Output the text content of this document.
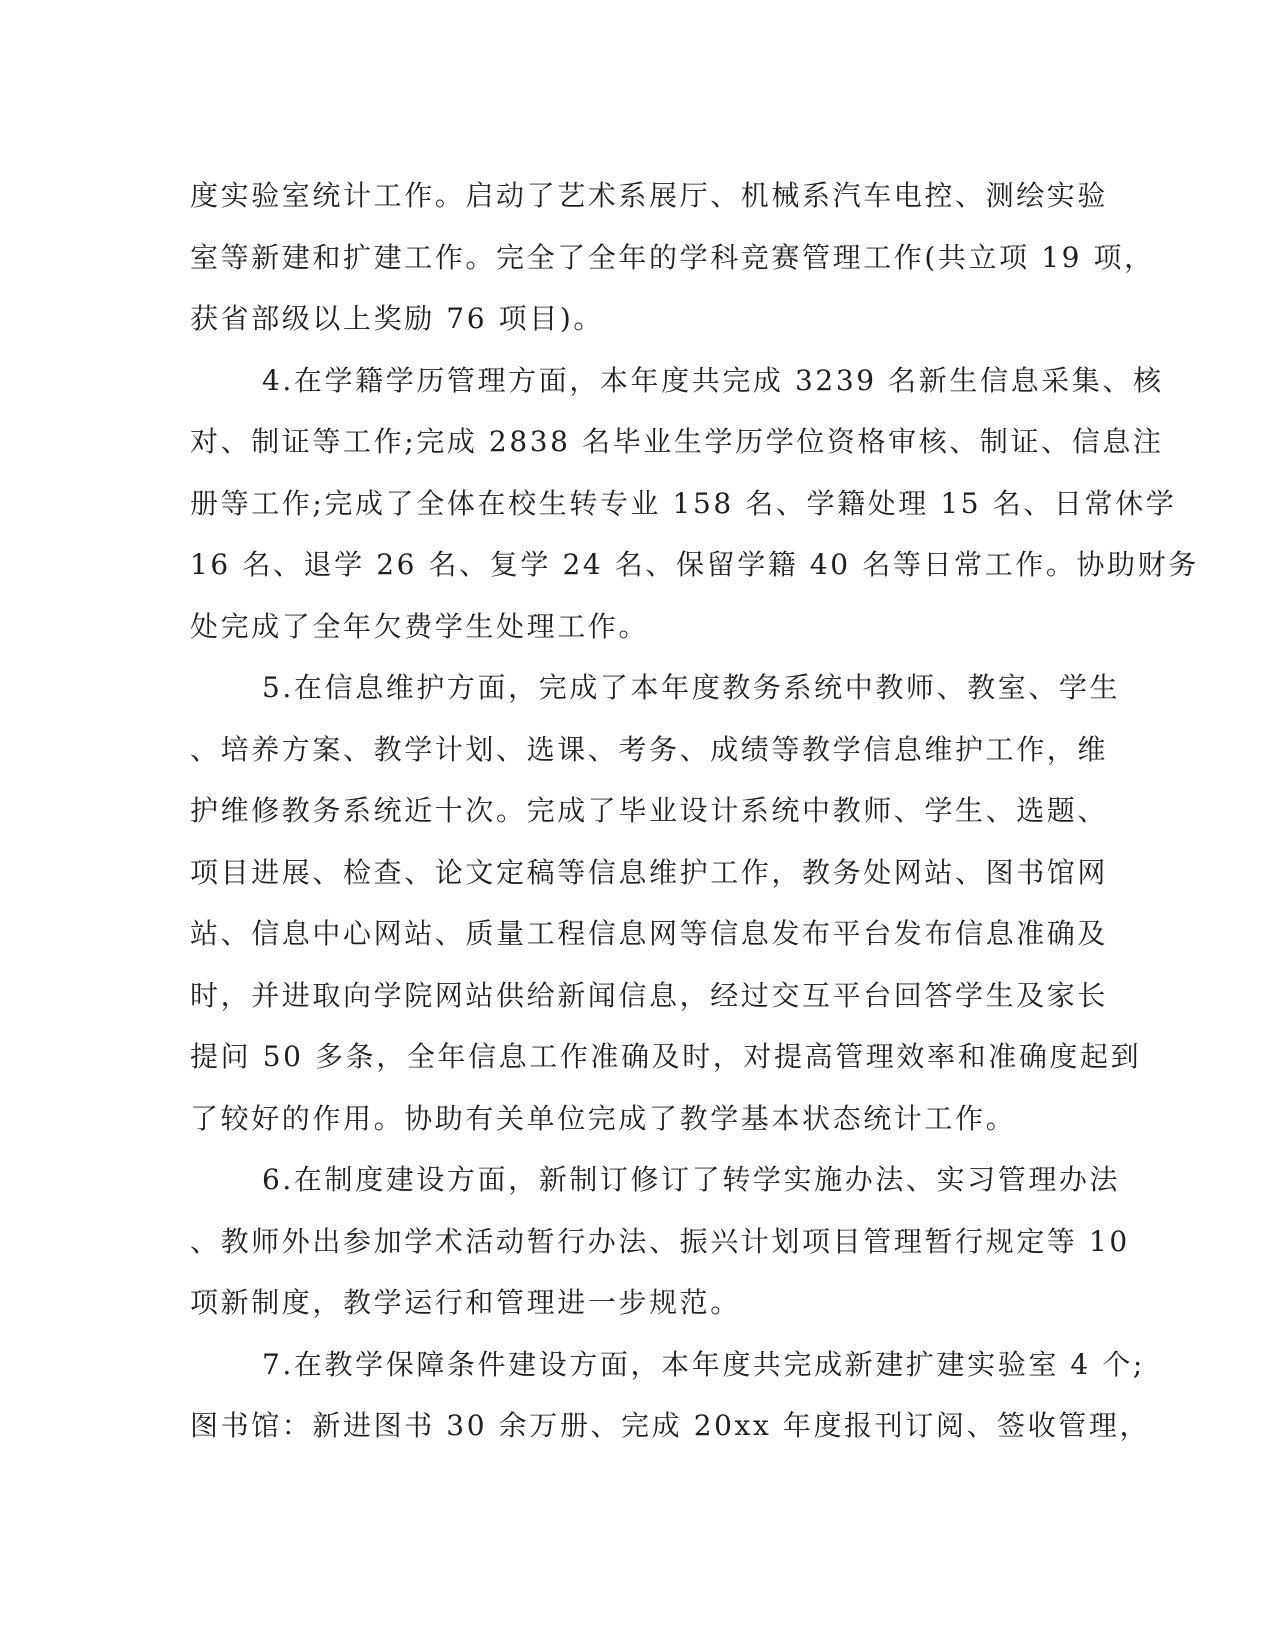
度实验室统计工作。启动了艺术系展厅、机械系汽车电控、测绘实验
室等新建和扩建工作。完全了全年的学科竞赛管理工作(共立项 19 项，
获省部级以上奖励 76 项目)。
4.在学籍学历管理方面，本年度共完成 3239 名新生信息采集、核
对、制证等工作;完成 2838 名毕业生学历学位资格审核、制证、信息注
册等工作;完成了全体在校生转专业 158 名、学籍处理 15 名、日常休学
16 名、退学 26 名、复学 24 名、保留学籍 40 名等日常工作。协助财务
处完成了全年欠费学生处理工作。
5.在信息维护方面，完成了本年度教务系统中教师、教室、学生
、培养方案、教学计划、选课、考务、成绩等教学信息维护工作，维
护维修教务系统近十次。完成了毕业设计系统中教师、学生、选题、
项目进展、检查、论文定稿等信息维护工作，教务处网站、图书馆网
站、信息中心网站、质量工程信息网等信息发布平台发布信息准确及
时，并进取向学院网站供给新闻信息，经过交互平台回答学生及家长
提问 50 多条，全年信息工作准确及时，对提高管理效率和准确度起到
了较好的作用。协助有关单位完成了教学基本状态统计工作。
6.在制度建设方面，新制订修订了转学实施办法、实习管理办法
、教师外出参加学术活动暂行办法、振兴计划项目管理暂行规定等 10
项新制度，教学运行和管理进一步规范。
7.在教学保障条件建设方面，本年度共完成新建扩建实验室 4 个;
图书馆：新进图书 30 余万册、完成 20xx 年度报刊订阅、签收管理，
